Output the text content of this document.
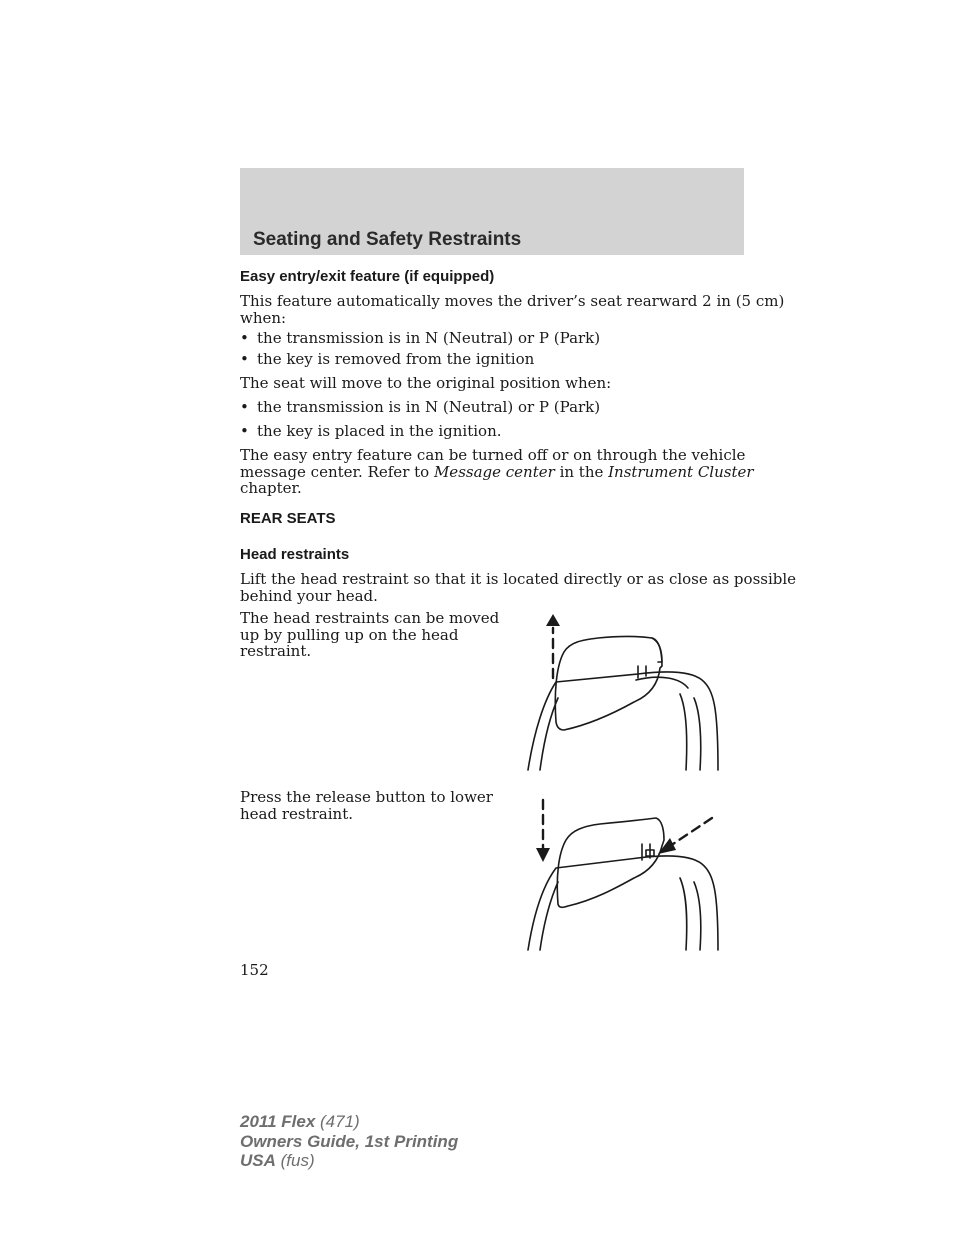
Seating and Safety Restraints
Easy entry/exit feature (if equipped)

This feature automatically moves the driver’s seat rearward 2 in (5 cm)
when:

• the transmission is in N (Neutral) or P (Park)

• the key is removed from the ignition

The seat will move to the original position when:

• the transmission is in N (Neutral) or P (Park)

• the key is placed in the ignition.

The easy entry feature can be turned off or on through the vehicle
message center. Refer to Message center in the Instrument Cluster
chapter.

REAR SEATS
Head restraints

Lift the head restraint so that it is located directly or as close as possible
behind your head.

The head restraints can be moved
up by pulling up on the head
restraint.

Press the release button to lower
head restraint.

152

2011 Flex (471)

Owners Guide, 1st Printing

USA (fus)
